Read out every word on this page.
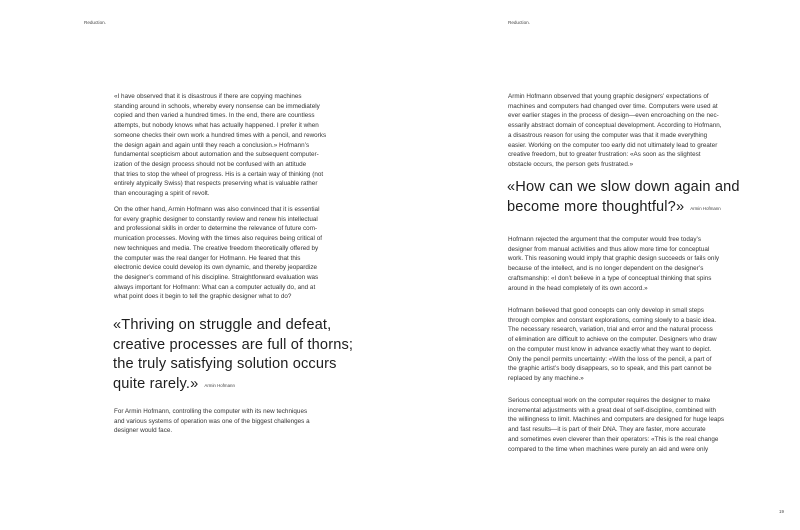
Reduction.
«I have observed that it is disastrous if there are copying machines
standing around in schools, whereby every nonsense can be immediately
copied and then varied a hundred times. In the end, there are countless
attempts, but nobody knows what has actually happened. I prefer it when
someone checks their own work a hundred times with a pencil, and reworks
the design again and again until they reach a conclusion.» Hofmann’s
fundamental scepticism about automation and the subsequent computer-
ization of the design process should not be confused with an attitude
that tries to stop the wheel of progress. His is a certain way of thinking (not
entirely atypically Swiss) that respects preserving what is valuable rather
than encouraging a spirit of revolt.
On the other hand, Armin Hofmann was also convinced that it is essential
for every graphic designer to constantly review and renew his intellectual
and professional skills in order to determine the relevance of future com-
munication processes. Moving with the times also requires being critical of
new techniques and media. The creative freedom theoretically offered by
the computer was the real danger for Hofmann. He feared that this
electronic device could develop its own dynamic, and thereby jeopardize
the designer’s command of his discipline. Straightforward evaluation was
always important for Hofmann: What can a computer actually do, and at
what point does it begin to tell the graphic designer what to do?
«Thriving on struggle and defeat,
creative processes are full of thorns;
the truly satisfying solution occurs
quite rarely.» Armin Hofmann
For Armin Hofmann, controlling the computer with its new techniques
and various systems of operation was one of the biggest challenges a
designer would face.
Reduction.
Armin Hofmann observed that young graphic designers’ expectations of
machines and computers had changed over time. Computers were used at
ever earlier stages in the process of design—even encroaching on the nec-
essarily abstract domain of conceptual development. According to Hofmann,
a disastrous reason for using the computer was that it made everything
easier. Working on the computer too early did not ultimately lead to greater
creative freedom, but to greater frustration: «As soon as the slightest
obstacle occurs, the person gets frustrated.»
«How can we slow down again and
become more thoughtful?» Armin Hofmann
Hofmann rejected the argument that the computer would free today’s
designer from manual activities and thus allow more time for conceptual
work. This reasoning would imply that graphic design succeeds or fails only
because of the intellect, and is no longer dependent on the designer’s
craftsmanship: «I don’t believe in a type of conceptual thinking that spins
around in the head completely of its own accord.»
Hofmann believed that good concepts can only develop in small steps
through complex and constant explorations, coming slowly to a basic idea.
The necessary research, variation, trial and error and the natural process
of elimination are difficult to achieve on the computer. Designers who draw
on the computer must know in advance exactly what they want to depict.
Only the pencil permits uncertainty: «With the loss of the pencil, a part of
the graphic artist’s body disappears, so to speak, and this part cannot be
replaced by any machine.»
Serious conceptual work on the computer requires the designer to make
incremental adjustments with a great deal of self-discipline, combined with
the willingness to limit. Machines and computers are designed for huge leaps
and fast results—it is part of their DNA. They are faster, more accurate
and sometimes even cleverer than their operators: «This is the real change
compared to the time when machines were purely an aid and were only
19
